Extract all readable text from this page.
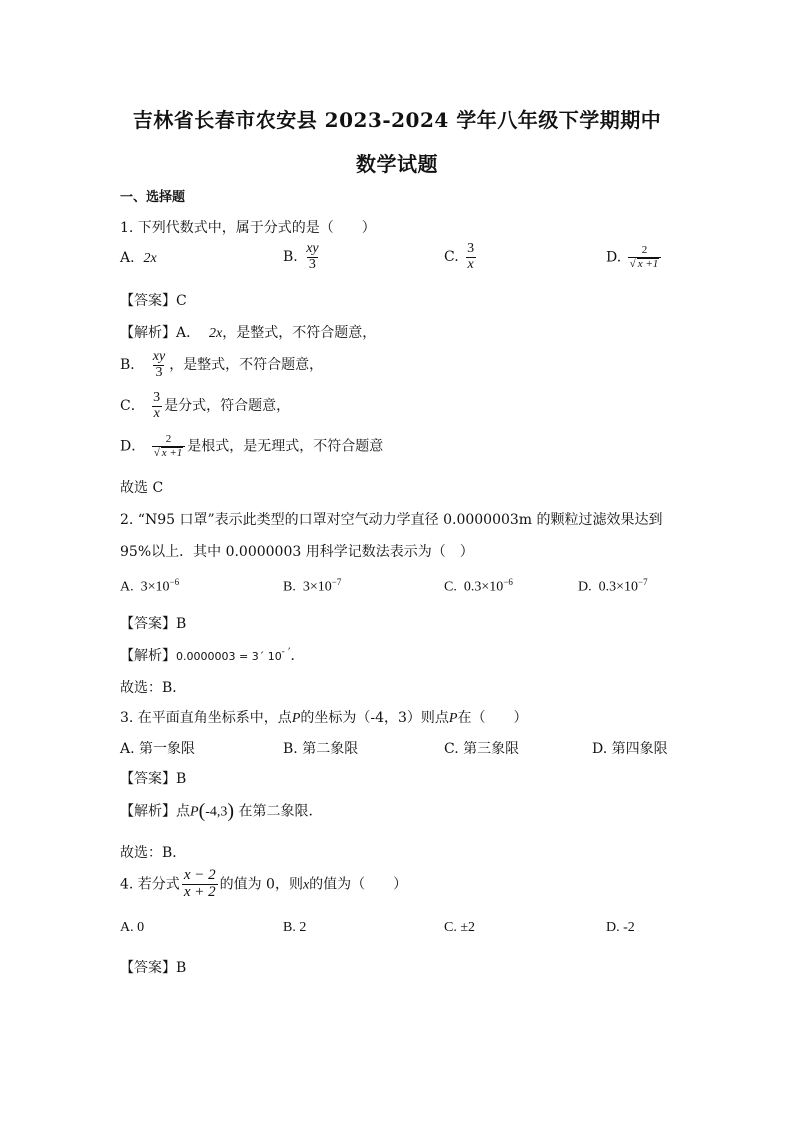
吉林省长春市农安县 2023-2024 学年八年级下学期期中
数学试题
一、选择题
1. 下列代数式中，属于分式的是（　　）
A. 2x	B. $\frac{xy}{3}$	C. $\frac{3}{x}$	D. $\frac{2}{√ x +1}$
【答案】C
【解析】A． 2x，是整式，不符合题意，
B． $\frac{xy}{3}$ ，是整式，不符合题意，
C． $\frac{3}{x}$ 是分式，符合题意，
D． $\frac{2}{√ x +1}$ 是根式，是无理式，不符合题意
故选 C
2. “N95 口罩”表示此类型的口罩对空气动力学直径 0.0000003m 的颗粒过滤效果达到
95%以上．其中 0.0000003 用科学记数法表示为（　）
A. $3\times 10^{-6}$	B. $3\times 10^{-7}$	C. $0.3\times 10^{-6}$	D. $0.3\times 10^{-7}$
【答案】B
【解析】0.0000003 = 3´ 10- ’．
故选：B．
3. 在平面直角坐标系中，点P的坐标为（-4，3）则点P在（　　）
A. 第一象限	B. 第二象限	C. 第三象限	D. 第四象限
【答案】B
【解析】点P(-4,3) 在第二象限．
故选：B．
4. 若分式 $\frac{x - 2}{x + 2}$ 的值为 0，则x的值为（　　）
A. 0	B. 2	C. ±2	D. -2
【答案】B
